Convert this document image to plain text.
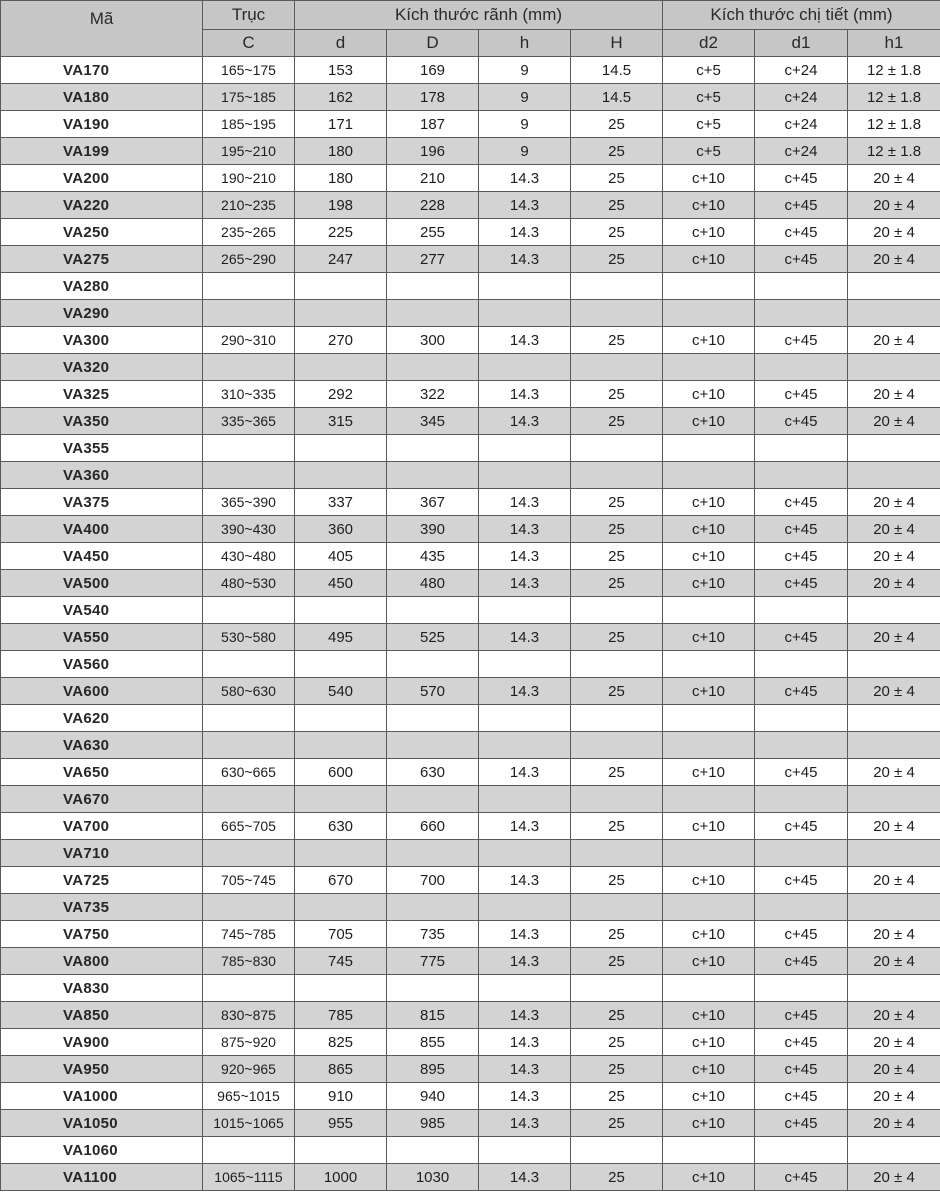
Mã	Trục	Kích thước rãnh (mm)				Kích thước chị tiết (mm)		
	C	d	D	h	H	d2	d1	h1
VA170	165~175	153	169	9	14.5	c+5	c+24	12 ± 1.8
VA180	175~185	162	178	9	14.5	c+5	c+24	12 ± 1.8
VA190	185~195	171	187	9	25	c+5	c+24	12 ± 1.8
VA199	195~210	180	196	9	25	c+5	c+24	12 ± 1.8
VA200	190~210	180	210	14.3	25	c+10	c+45	20 ± 4
VA220	210~235	198	228	14.3	25	c+10	c+45	20 ± 4
VA250	235~265	225	255	14.3	25	c+10	c+45	20 ± 4
VA275	265~290	247	277	14.3	25	c+10	c+45	20 ± 4
VA280								
VA290								
VA300	290~310	270	300	14.3	25	c+10	c+45	20 ± 4
VA320								
VA325	310~335	292	322	14.3	25	c+10	c+45	20 ± 4
VA350	335~365	315	345	14.3	25	c+10	c+45	20 ± 4
VA355								
VA360								
VA375	365~390	337	367	14.3	25	c+10	c+45	20 ± 4
VA400	390~430	360	390	14.3	25	c+10	c+45	20 ± 4
VA450	430~480	405	435	14.3	25	c+10	c+45	20 ± 4
VA500	480~530	450	480	14.3	25	c+10	c+45	20 ± 4
VA540								
VA550	530~580	495	525	14.3	25	c+10	c+45	20 ± 4
VA560								
VA600	580~630	540	570	14.3	25	c+10	c+45	20 ± 4
VA620								
VA630								
VA650	630~665	600	630	14.3	25	c+10	c+45	20 ± 4
VA670								
VA700	665~705	630	660	14.3	25	c+10	c+45	20 ± 4
VA710								
VA725	705~745	670	700	14.3	25	c+10	c+45	20 ± 4
VA735								
VA750	745~785	705	735	14.3	25	c+10	c+45	20 ± 4
VA800	785~830	745	775	14.3	25	c+10	c+45	20 ± 4
VA830								
VA850	830~875	785	815	14.3	25	c+10	c+45	20 ± 4
VA900	875~920	825	855	14.3	25	c+10	c+45	20 ± 4
VA950	920~965	865	895	14.3	25	c+10	c+45	20 ± 4
VA1000	965~1015	910	940	14.3	25	c+10	c+45	20 ± 4
VA1050	1015~1065	955	985	14.3	25	c+10	c+45	20 ± 4
VA1060								
VA1100	1065~1115	1000	1030	14.3	25	c+10	c+45	20 ± 4
